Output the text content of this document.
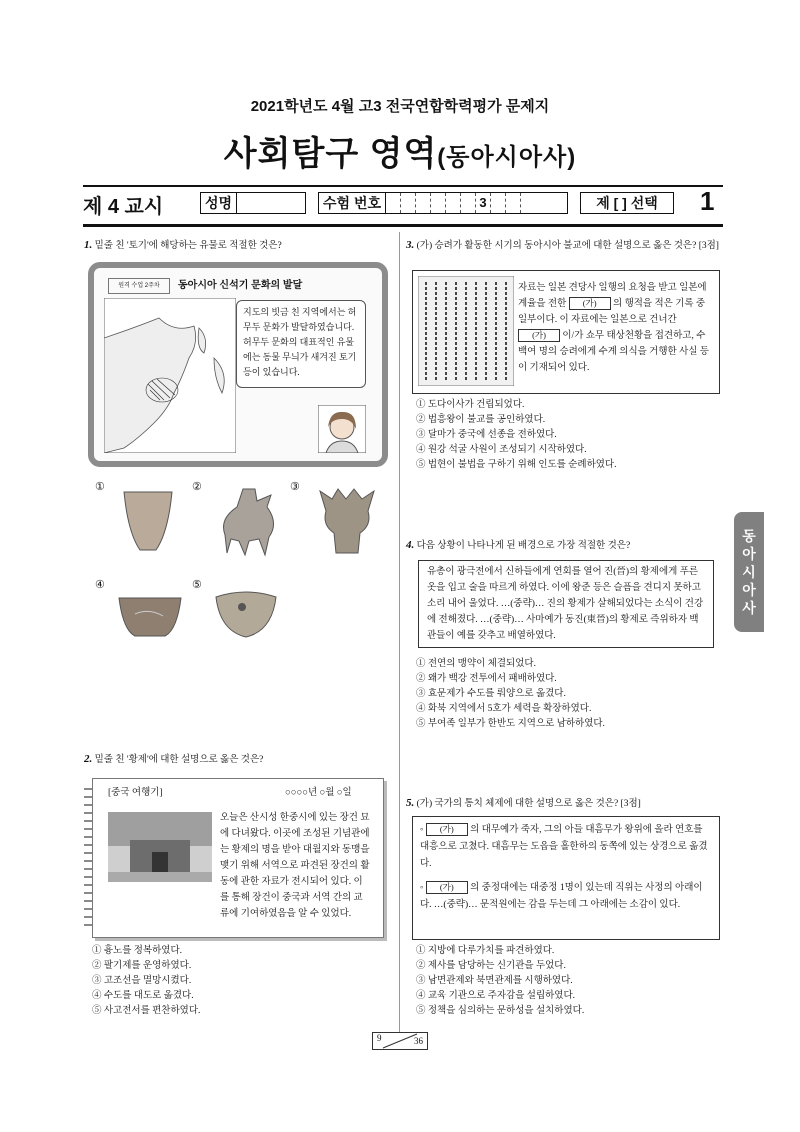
2021학년도 4월 고3 전국연합학력평가 문제지
사회탐구 영역(동아시아사)
제 4 교시	성명	수험 번호	3	제 [ ] 선택 1
동
아
시
아
사
1. 밑줄 친 '토기'에 해당하는 유물로 적절한 것은?
원격 수업 2주차	동아시아 신석기 문화의 발달
지도의 빗금 친 지역에서는 허무두 문화가 발달하였습니다. 허무두 문화의 대표적인 유물에는 동물 무늬가 새겨진 토기 등이 있습니다.
①	②	③
④	⑤
2. 밑줄 친 '황제'에 대한 설명으로 옳은 것은?
[중국 여행기]	○○○○년 ○월 ○일
오늘은 산시성 한중시에 있는 장건 묘에 다녀왔다. 이곳에 조성된 기념관에는 황제의 명을 받아 대월지와 동맹을 맺기 위해 서역으로 파견된 장건의 활동에 관한 자료가 전시되어 있다. 이를 통해 장건이 중국과 서역 간의 교류에 기여하였음을 알 수 있었다.
① 흉노를 정복하였다.
② 팔기제를 운영하였다.
③ 고조선을 멸망시켰다.
④ 수도를 대도로 옮겼다.
⑤ 사고전서를 편찬하였다.
3. (가) 승려가 활동한 시기의 동아시아 불교에 대한 설명으로 옳은 것은? [3점]
자료는 일본 견당사 일행의 요청을 받고 일본에 계율을 전한 (가) 의 행적을 적은 기록 중 일부이다. 이 자료에는 일본으로 건너간 (가) 이/가 쇼무 태상천황을 접견하고, 수백여 명의 승려에게 수계 의식을 거행한 사실 등이 기재되어 있다.
① 도다이사가 건립되었다.
② 법흥왕이 불교를 공인하였다.
③ 달마가 중국에 선종을 전하였다.
④ 원강 석굴 사원이 조성되기 시작하였다.
⑤ 법현이 불법을 구하기 위해 인도를 순례하였다.
4. 다음 상황이 나타나게 된 배경으로 가장 적절한 것은?
유총이 광극전에서 신하들에게 연회를 열어 진(晉)의 황제에게 푸른 옷을 입고 술을 따르게 하였다. 이에 왕준 등은 슬픔을 견디지 못하고 소리 내어 울었다. …(중략)… 진의 황제가 살해되었다는 소식이 건강에 전해졌다. …(중략)… 사마예가 동진(東晉)의 황제로 즉위하자 백관들이 예를 갖추고 배열하였다.
① 전연의 맹약이 체결되었다.
② 왜가 백강 전투에서 패배하였다.
③ 효문제가 수도를 뤄양으로 옮겼다.
④ 화북 지역에서 5호가 세력을 확장하였다.
⑤ 부여족 일부가 한반도 지역으로 남하하였다.
5. (가) 국가의 통치 체제에 대한 설명으로 옳은 것은? [3점]
◦ (가) 의 대무예가 죽자, 그의 아들 대흠무가 왕위에 올라 연호를 대흥으로 고쳤다. 대흠무는 도읍을 홀한하의 동쪽에 있는 상경으로 옮겼다.
◦ (가) 의 중정대에는 대중정 1명이 있는데 직위는 사정의 아래이다. …(중략)… 문적원에는 감을 두는데 그 아래에는 소감이 있다.
① 지방에 다루가치를 파견하였다.
② 제사를 담당하는 신기관을 두었다.
③ 남면관제와 북면관제를 시행하였다.
④ 교육 기관으로 주자감을 설립하였다.
⑤ 정책을 심의하는 문하성을 설치하였다.
9	36
